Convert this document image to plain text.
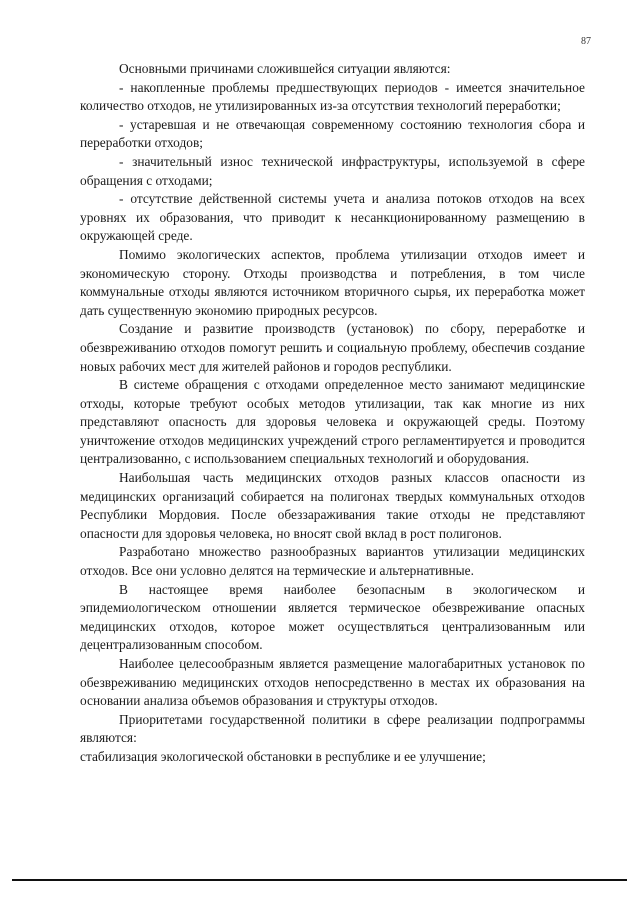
87

Основными причинами сложившейся ситуации являются:

- накопленные проблемы предшествующих периодов - имеется значительное количество отходов, не утилизированных из-за отсутствия технологий переработки;

- устаревшая и не отвечающая современному состоянию технология сбора и переработки отходов;

- значительный износ технической инфраструктуры, используемой в сфере обращения с отходами;

- отсутствие действенной системы учета и анализа потоков отходов на всех уровнях их образования, что приводит к несанкционированному размещению в окружающей среде.

Помимо экологических аспектов, проблема утилизации отходов имеет и экономическую сторону. Отходы производства и потребления, в том числе коммунальные отходы являются источником вторичного сырья, их переработка может дать существенную экономию природных ресурсов.

Создание и развитие производств (установок) по сбору, переработке и обезвреживанию отходов помогут решить и социальную проблему, обеспечив создание новых рабочих мест для жителей районов и городов республики.

В системе обращения с отходами определенное место занимают медицинские отходы, которые требуют особых методов утилизации, так как многие из них представляют опасность для здоровья человека и окружающей среды. Поэтому уничтожение отходов медицинских учреждений строго регламентируется и проводится централизованно, с использованием специальных технологий и оборудования.

Наибольшая часть медицинских отходов разных классов опасности из медицинских организаций собирается на полигонах твердых коммунальных отходов Республики Мордовия. После обеззараживания такие отходы не представляют опасности для здоровья человека, но вносят свой вклад в рост полигонов.

Разработано множество разнообразных вариантов утилизации медицинских отходов. Все они условно делятся на термические и альтернативные.

В настоящее время наиболее безопасным в экологическом и эпидемиологическом отношении является термическое обезвреживание опасных медицинских отходов, которое может осуществляться централизованным или децентрализованным способом.

Наиболее целесообразным является размещение малогабаритных установок по обезвреживанию медицинских отходов непосредственно в местах их образования на основании анализа объемов образования и структуры отходов.

Приоритетами государственной политики в сфере реализации подпрограммы являются:

стабилизация экологической обстановки в республике и ее улучшение;
